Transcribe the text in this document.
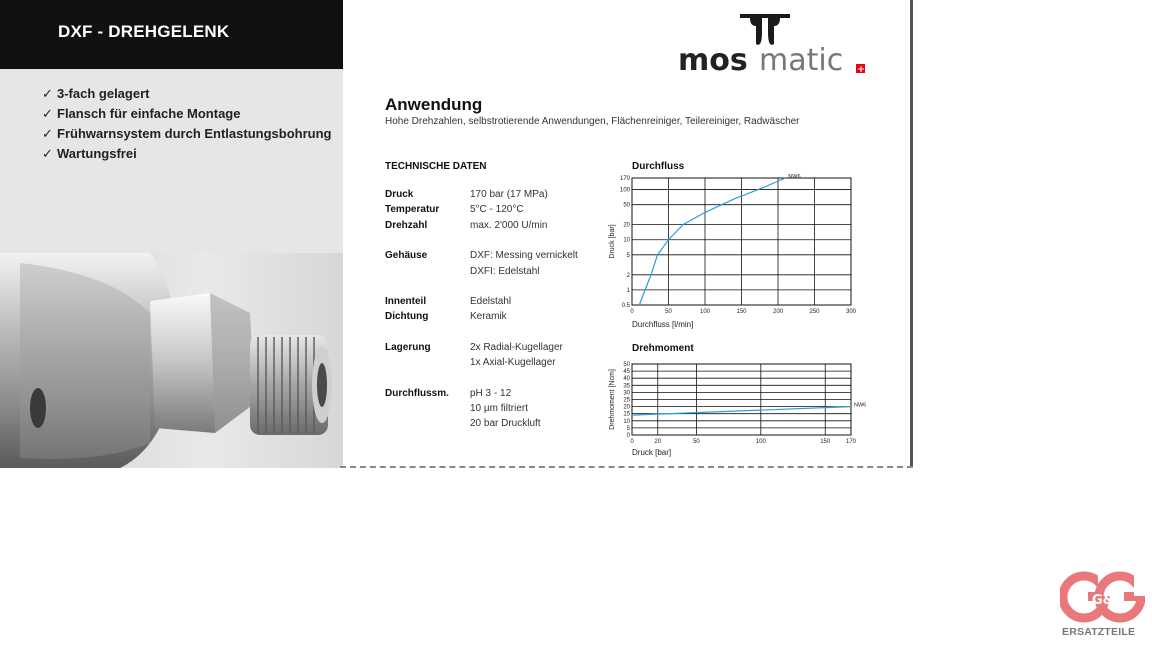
DXF - DREHGELENK
✓ 3-fach gelagert
✓ Flansch für einfache Montage
✓ Frühwarnsystem durch Entlastungsbohrung
✓ Wartungsfrei
mos matic +
Anwendung
Hohe Drehzahlen, selbstrotierende Anwendungen, Flächenreiniger, Teilereiniger, Radwäscher
TECHNISCHE DATEN
Druck	170 bar (17 MPa)
Temperatur	5°C - 120°C
Drehzahl	max. 2'000 U/min
Gehäuse	DXF: Messing vernickelt
DXFI: Edelstahl
Innenteil	Edelstahl
Dichtung	Keramik
Lagerung	2x Radial-Kugellager
1x Axial-Kugellager
Durchflussm. pH 3 - 12
10 µm filtriert
20 bar Druckluft
Durchfluss
Drehmoment
0	50	100	150	200	250	300
0.5
1
2
5
10
20
50
100
170	NW6
Durchfluss [l/min]
Druck [bar]
0	20	50	100	150	170
0
5
10
15
20
25
30
35
40
45
50
NW6
Druck [bar]
Drehmoment [Ncm]
G&G
ERSATZTEILE
